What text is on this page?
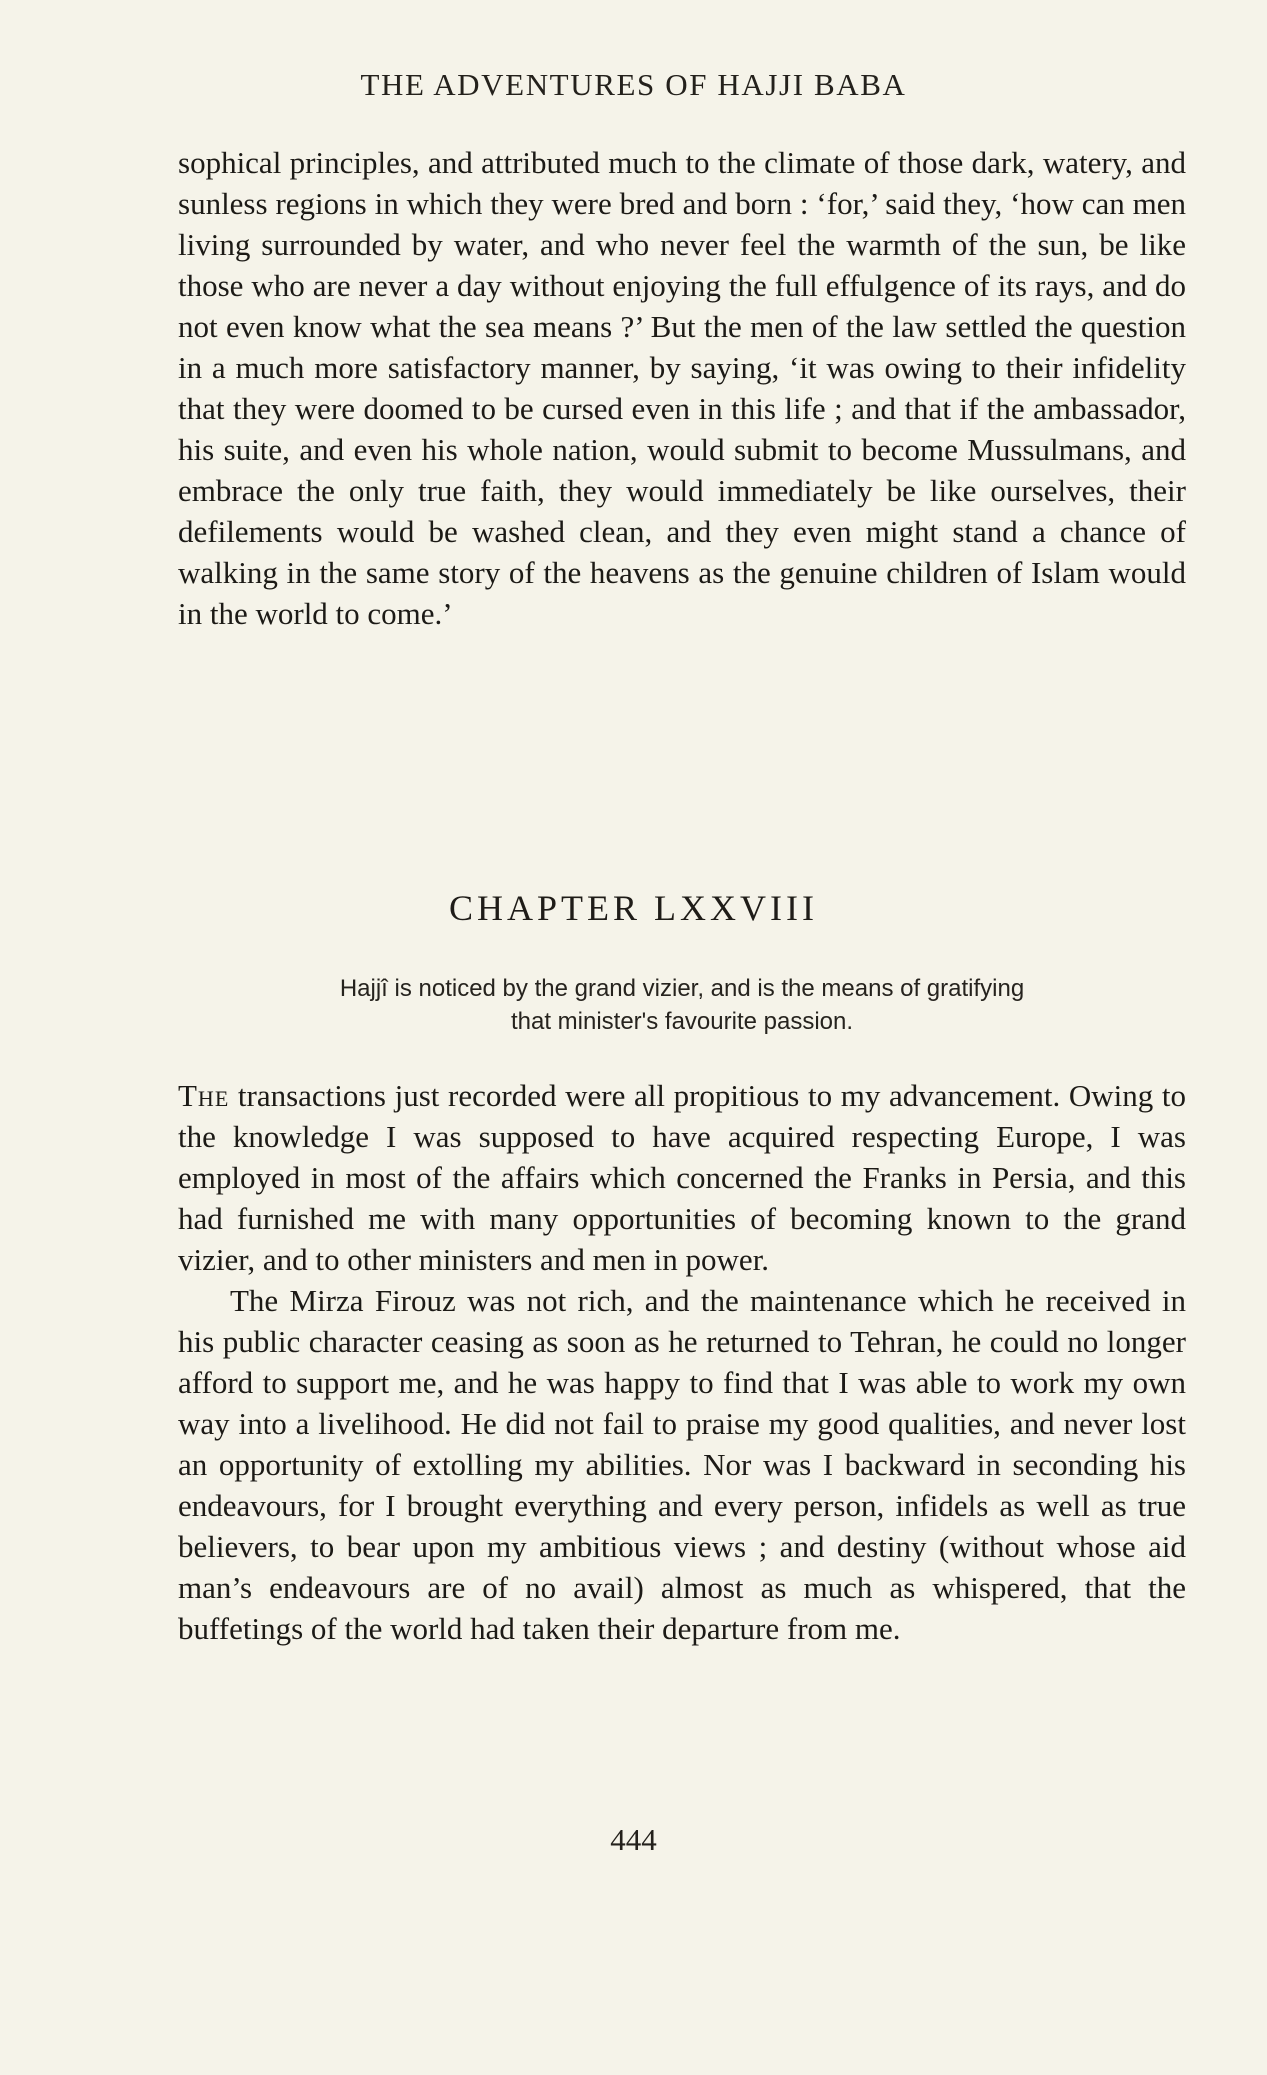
THE ADVENTURES OF HAJJI BABA

sophical principles, and attributed much to the climate of those dark, watery, and sunless regions in which they were bred and born : ‘for,’ said they, ‘how can men living surrounded by water, and who never feel the warmth of the sun, be like those who are never a day without enjoying the full effulgence of its rays, and do not even know what the sea means ?’ But the men of the law settled the question in a much more satisfactory manner, by saying, ‘it was owing to their infidelity that they were doomed to be cursed even in this life ; and that if the ambassador, his suite, and even his whole nation, would submit to become Mussulmans, and embrace the only true faith, they would immediately be like ourselves, their defilements would be washed clean, and they even might stand a chance of walking in the same story of the heavens as the genuine children of Islam would in the world to come.’

CHAPTER LXXVIII
Hajjî is noticed by the grand vizier, and is the means of gratifying
that minister's favourite passion.

The transactions just recorded were all propitious to my advancement. Owing to the knowledge I was supposed to have acquired respecting Europe, I was employed in most of the affairs which concerned the Franks in Persia, and this had furnished me with many opportunities of becoming known to the grand vizier, and to other ministers and men in power.

The Mirza Firouz was not rich, and the maintenance which he received in his public character ceasing as soon as he returned to Tehran, he could no longer afford to support me, and he was happy to find that I was able to work my own way into a livelihood. He did not fail to praise my good qualities, and never lost an opportunity of extolling my abilities. Nor was I backward in seconding his endeavours, for I brought everything and every person, infidels as well as true believers, to bear upon my ambitious views ; and destiny (without whose aid man’s endeavours are of no avail) almost as much as whispered, that the buffetings of the world had taken their departure from me.

444
